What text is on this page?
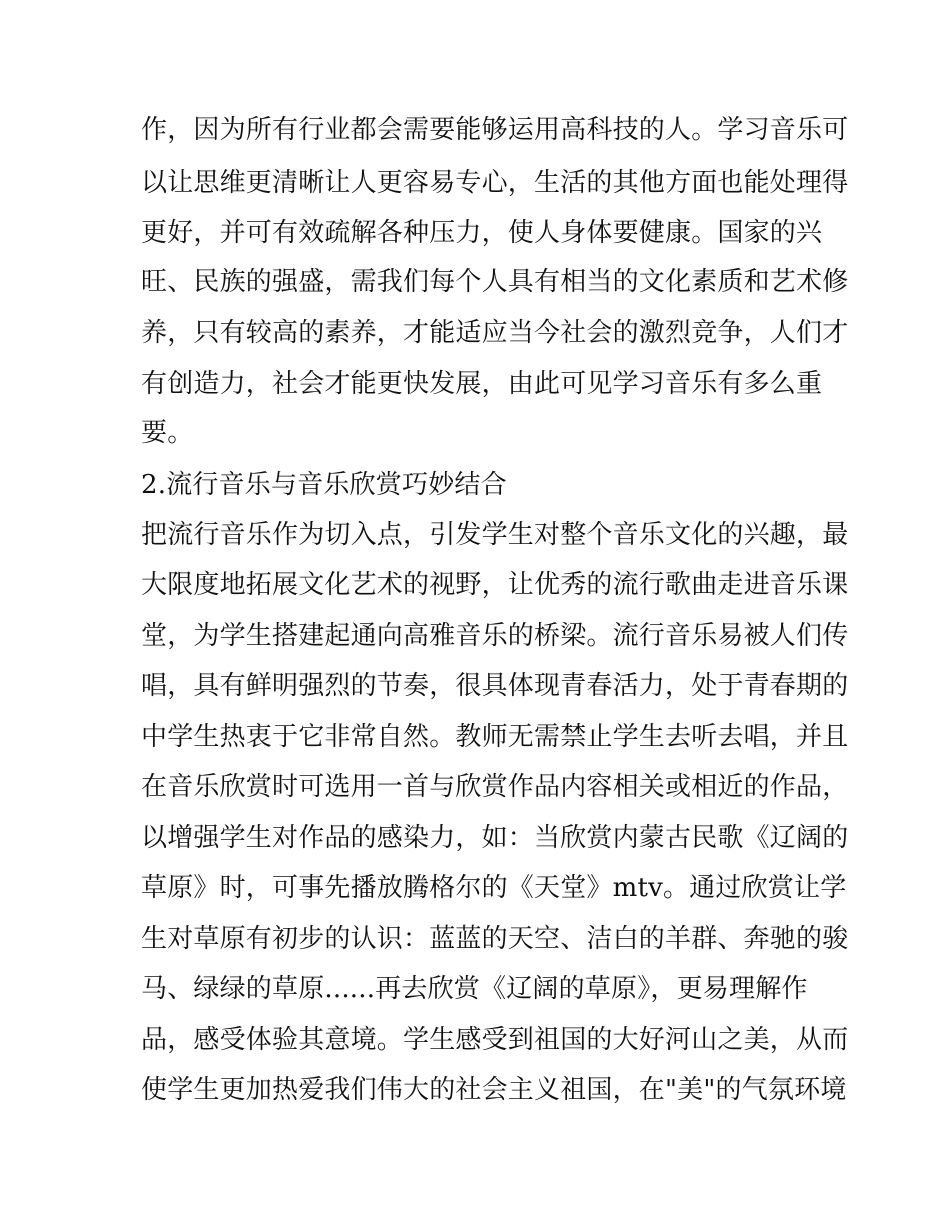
作，因为所有行业都会需要能够运用高科技的人。学习音乐可
以让思维更清晰让人更容易专心，生活的其他方面也能处理得
更好，并可有效疏解各种压力，使人身体要健康。国家的兴
旺、民族的强盛，需我们每个人具有相当的文化素质和艺术修
养，只有较高的素养，才能适应当今社会的激烈竞争，人们才
有创造力，社会才能更快发展，由此可见学习音乐有多么重
要。
2.流行音乐与音乐欣赏巧妙结合
把流行音乐作为切入点，引发学生对整个音乐文化的兴趣，最
大限度地拓展文化艺术的视野，让优秀的流行歌曲走进音乐课
堂，为学生搭建起通向高雅音乐的桥梁。流行音乐易被人们传
唱，具有鲜明强烈的节奏，很具体现青春活力，处于青春期的
中学生热衷于它非常自然。教师无需禁止学生去听去唱，并且
在音乐欣赏时可选用一首与欣赏作品内容相关或相近的作品，
以增强学生对作品的感染力，如：当欣赏内蒙古民歌《辽阔的
草原》时，可事先播放腾格尔的《天堂》mtv。通过欣赏让学
生对草原有初步的认识：蓝蓝的天空、洁白的羊群、奔驰的骏
马、绿绿的草原......再去欣赏《辽阔的草原》，更易理解作
品，感受体验其意境。学生感受到祖国的大好河山之美，从而
使学生更加热爱我们伟大的社会主义祖国，在"美"的气氛环境
